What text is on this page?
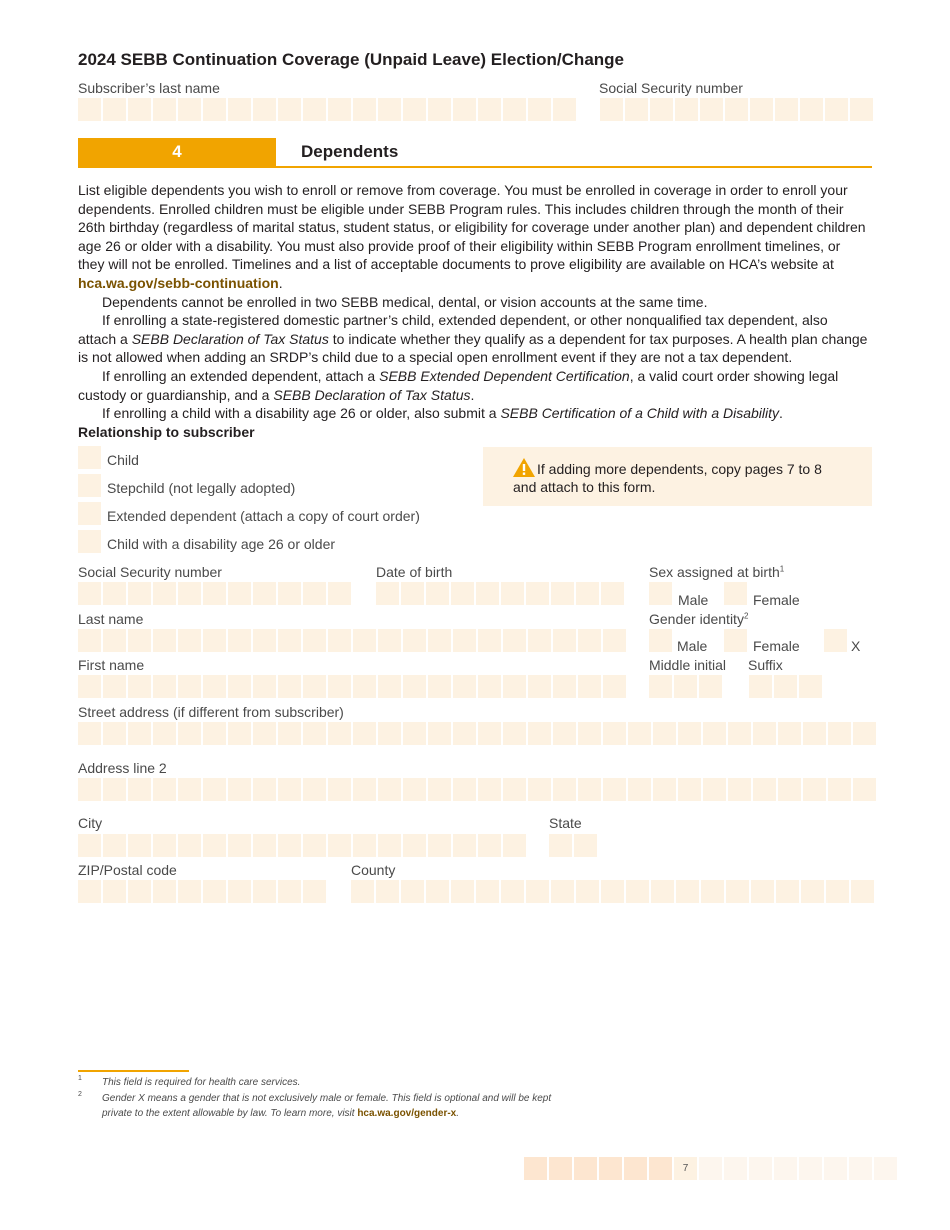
2024 SEBB Continuation Coverage (Unpaid Leave) Election/Change
Subscriber’s last name	Social Security number
4	Dependents

List eligible dependents you wish to enroll or remove from coverage. You must be enrolled in coverage in order to enroll your dependents. Enrolled children must be eligible under SEBB Program rules. This includes children through the month of their 26th birthday (regardless of marital status, student status, or eligibility for coverage under another plan) and dependent children age 26 or older with a disability. You must also provide proof of their eligibility within SEBB Program enrollment timelines, or they will not be enrolled. Timelines and a list of acceptable documents to prove eligibility are available on HCA’s website at hca.wa.gov/sebb-continuation.

Dependents cannot be enrolled in two SEBB medical, dental, or vision accounts at the same time.

If enrolling a state-registered domestic partner’s child, extended dependent, or other nonqualified tax dependent, also attach a SEBB Declaration of Tax Status to indicate whether they qualify as a dependent for tax purposes. A health plan change is not allowed when adding an SRDP’s child due to a special open enrollment event if they are not a tax dependent.

If enrolling an extended dependent, attach a SEBB Extended Dependent Certification, a valid court order showing legal custody or guardianship, and a SEBB Declaration of Tax Status.

If enrolling a child with a disability age 26 or older, also submit a SEBB Certification of a Child with a Disability.

Relationship to subscriber

Child
Stepchild (not legally adopted)
Extended dependent (attach a copy of court order)
Child with a disability age 26 or older
If adding more dependents, copy pages 7 to 8
and attach to this form.
Social Security number	Date of birth	Sex assigned at birth$^1$
Male	Female
Last name	Gender identity$^2$
Male	Female	X
First name	Middle initial Suffix
Street address (if different from subscriber)
Address line 2
City	State
ZIP/Postal code	County
1 This field is required for health care services.
2 Gender X means a gender that is not exclusively male or female. This field is optional and will be kept
private to the extent allowable by law. To learn more, visit hca.wa.gov/gender-x.
7
